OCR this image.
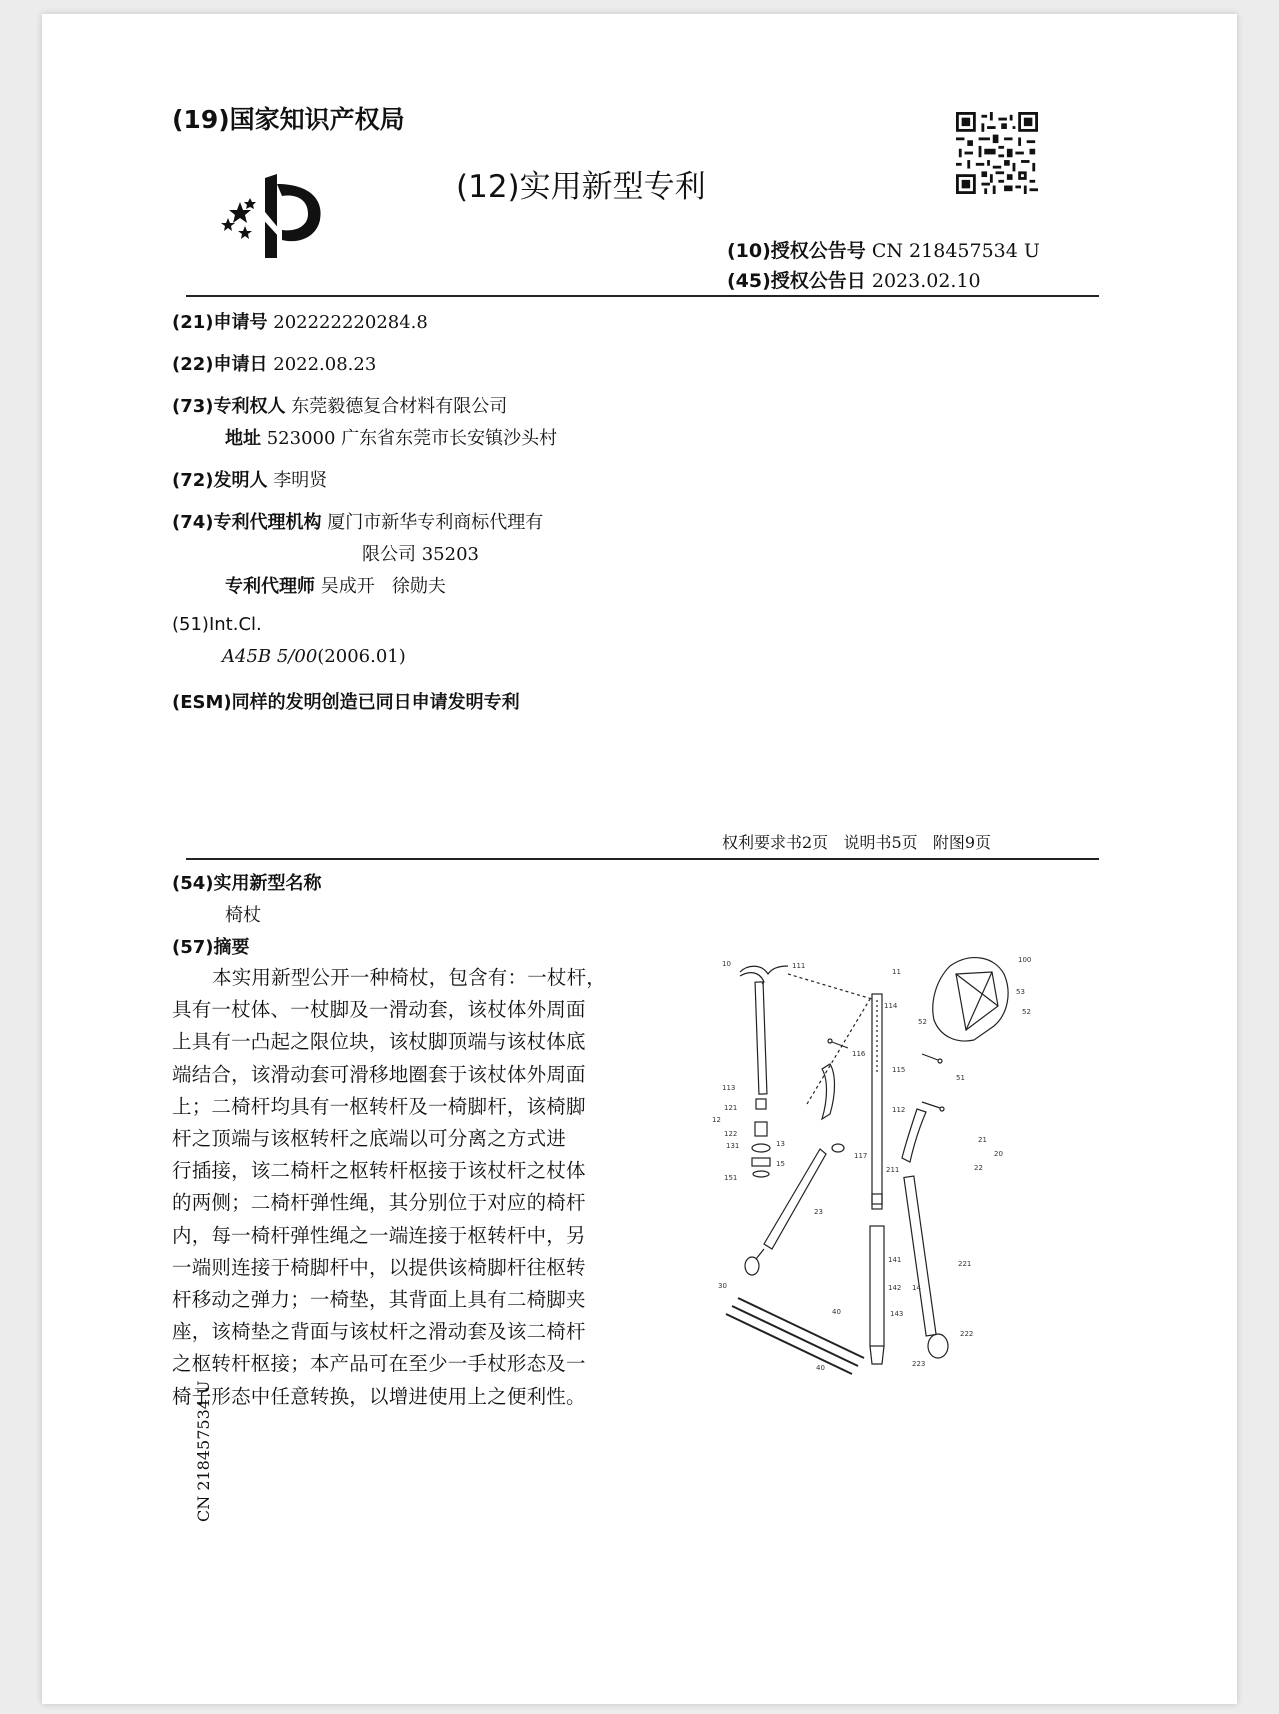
(19)国家知识产权局
(12)实用新型专利
(10)授权公告号 CN 218457534 U
(45)授权公告日 2023.02.10
(21)申请号 202222220284.8
(22)申请日 2022.08.23
(73)专利权人 东莞毅德复合材料有限公司
地址 523000 广东省东莞市长安镇沙头村
(72)发明人 李明贤
(74)专利代理机构 厦门市新华专利商标代理有
限公司 35203
专利代理师 吴成开   徐勋夫
(51)Int.Cl.
A45B 5/00(2006.01)
(ESM)同样的发明创造已同日申请发明专利
权利要求书2页   说明书5页   附图9页
(54)实用新型名称
椅杖
(57)摘要

本实用新型公开一种椅杖，包含有：一杖杆，

具有一杖体、一杖脚及一滑动套，该杖体外周面

上具有一凸起之限位块，该杖脚顶端与该杖体底

端结合，该滑动套可滑移地圈套于该杖体外周面

上；二椅杆均具有一枢转杆及一椅脚杆，该椅脚

杆之顶端与该枢转杆之底端以可分离之方式进

行插接，该二椅杆之枢转杆枢接于该杖杆之杖体

的两侧；二椅杆弹性绳，其分别位于对应的椅杆

内，每一椅杆弹性绳之一端连接于枢转杆中，另

一端则连接于椅脚杆中，以提供该椅脚杆往枢转

杆移动之弹力；一椅垫，其背面上具有二椅脚夹

座，该椅垫之背面与该杖杆之滑动套及该二椅杆

之枢转杆枢接；本产品可在至少一手杖形态及一

椅子形态中任意转换，以增进使用上之便利性。

10	111
11
114
100
53
52
52
51
116
113
115
112
12
121
122
13
131
15
151
117
211
21
20
22
221
23
30
40
40
141
142 14
143
222
223
CN 218457534 U
